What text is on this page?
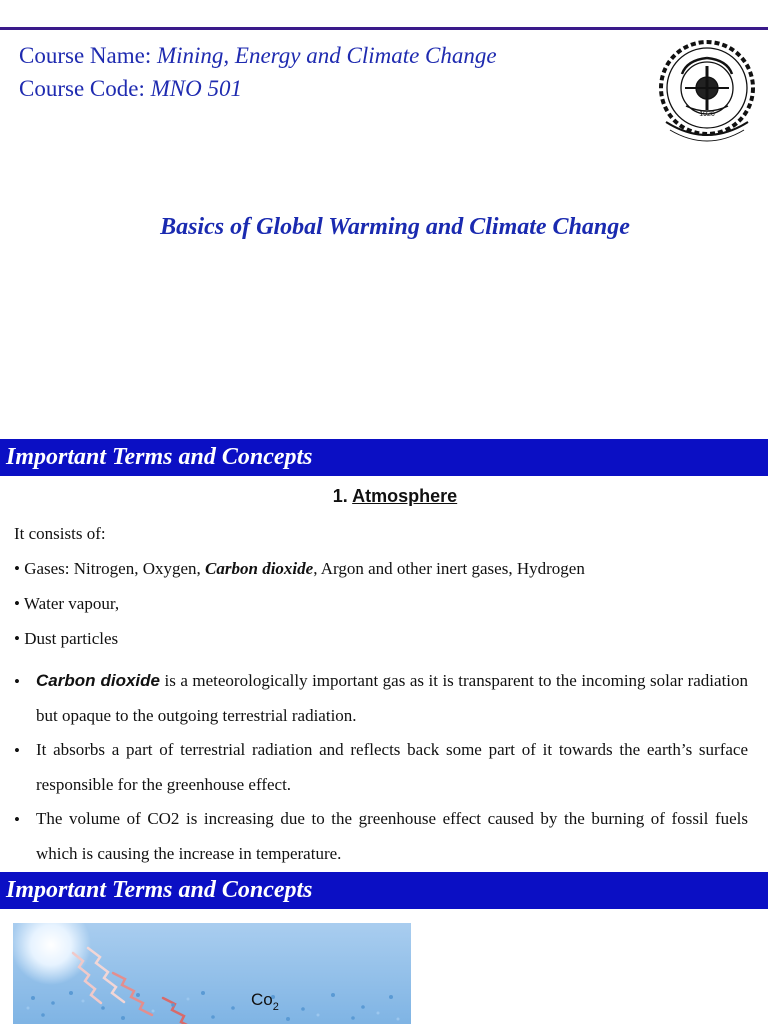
Course Name: Mining, Energy and Climate Change
Course Code: MNO 501
1926
Basics of Global Warming and Climate Change
Important Terms and Concepts
1. Atmosphere
It consists of:
• Gases: Nitrogen, Oxygen, Carbon dioxide, Argon and other inert gases, Hydrogen
• Water vapour,
• Dust particles
• Carbon dioxide is a meteorologically important gas as it is transparent to the incoming solar radiation but opaque to the outgoing terrestrial radiation.
• It absorbs a part of terrestrial radiation and reflects back some part of it towards the earth’s surface responsible for the greenhouse effect.
• The volume of CO2 is increasing due to the greenhouse effect caused by the burning of fossil fuels which is causing the increase in temperature.
Important Terms and Concepts
$Co_2$
